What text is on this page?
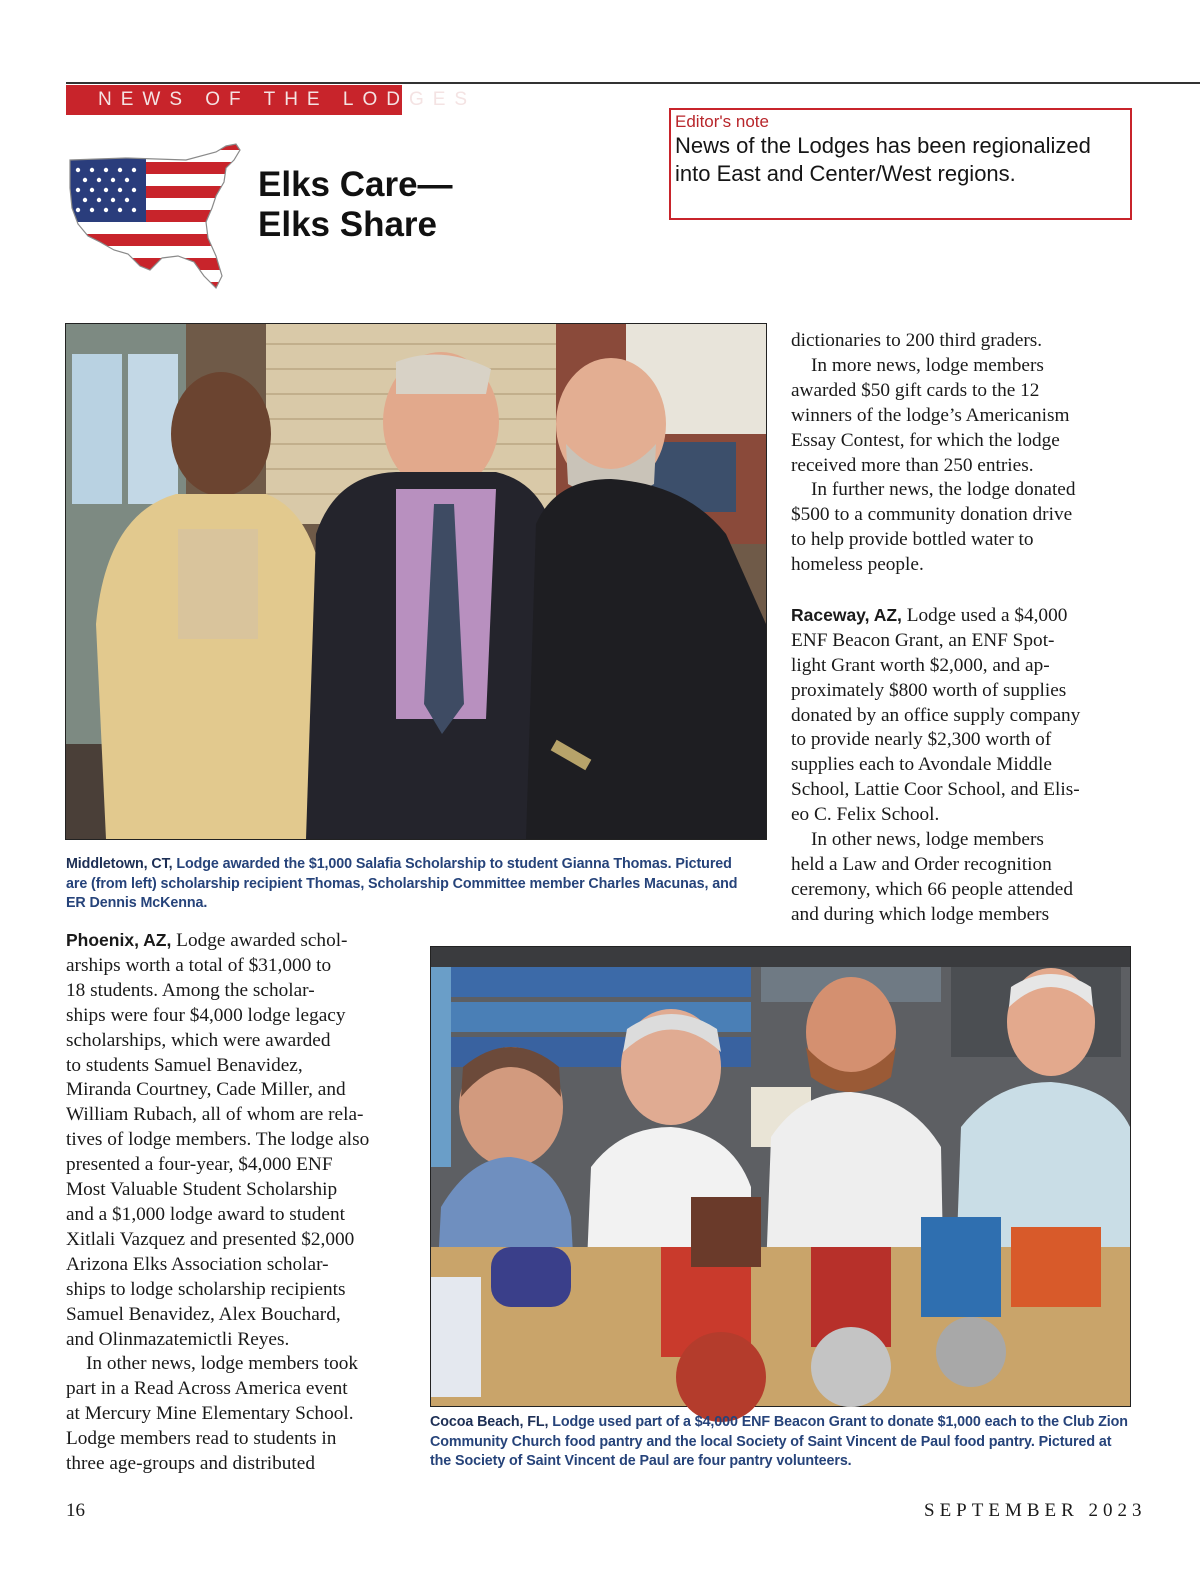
NEWS OF THE LODGES
Elks Care—
Elks Share
Editor's note
News of the Lodges has been regionalized into East and Center/West regions.
Middletown, CT, Lodge awarded the $1,000 Salafia Scholarship to student Gianna Thomas. Pictured are (from left) scholarship recipient Thomas, Scholarship Committee member Charles Macunas, and ER Dennis McKenna.

dictionaries to 200 third graders.

In more news, lodge members

awarded $50 gift cards to the 12

winners of the lodge’s Americanism

Essay Contest, for which the lodge

received more than 250 entries.

In further news, the lodge donated

$500 to a community donation drive

to help provide bottled water to

homeless people.

Raceway, AZ, Lodge used a $4,000

ENF Beacon Grant, an ENF Spot-

light Grant worth $2,000, and ap-

proximately $800 worth of supplies

donated by an office supply company

to provide nearly $2,300 worth of

supplies each to Avondale Middle

School, Lattie Coor School, and Elis-

eo C. Felix School.

In other news, lodge members

held a Law and Order recognition

ceremony, which 66 people attended

and during which lodge members

Phoenix, AZ, Lodge awarded schol-

arships worth a total of $31,000 to

18 students. Among the scholar-

ships were four $4,000 lodge legacy

scholarships, which were awarded

to students Samuel Benavidez,

Miranda Courtney, Cade Miller, and

William Rubach, all of whom are rela-

tives of lodge members. The lodge also

presented a four-year, $4,000 ENF

Most Valuable Student Scholarship

and a $1,000 lodge award to student

Xitlali Vazquez and presented $2,000

Arizona Elks Association scholar-

ships to lodge scholarship recipients

Samuel Benavidez, Alex Bouchard,

and Olinmazatemictli Reyes.

In other news, lodge members took

part in a Read Across America event

at Mercury Mine Elementary School.

Lodge members read to students in

three age-groups and distributed

Cocoa Beach, FL, Lodge used part of a $4,000 ENF Beacon Grant to donate $1,000 each to the Club Zion Community Church food pantry and the local Society of Saint Vincent de Paul food pantry. Pictured at the Society of Saint Vincent de Paul are four pantry volunteers.
16	SEPTEMBER 2023
